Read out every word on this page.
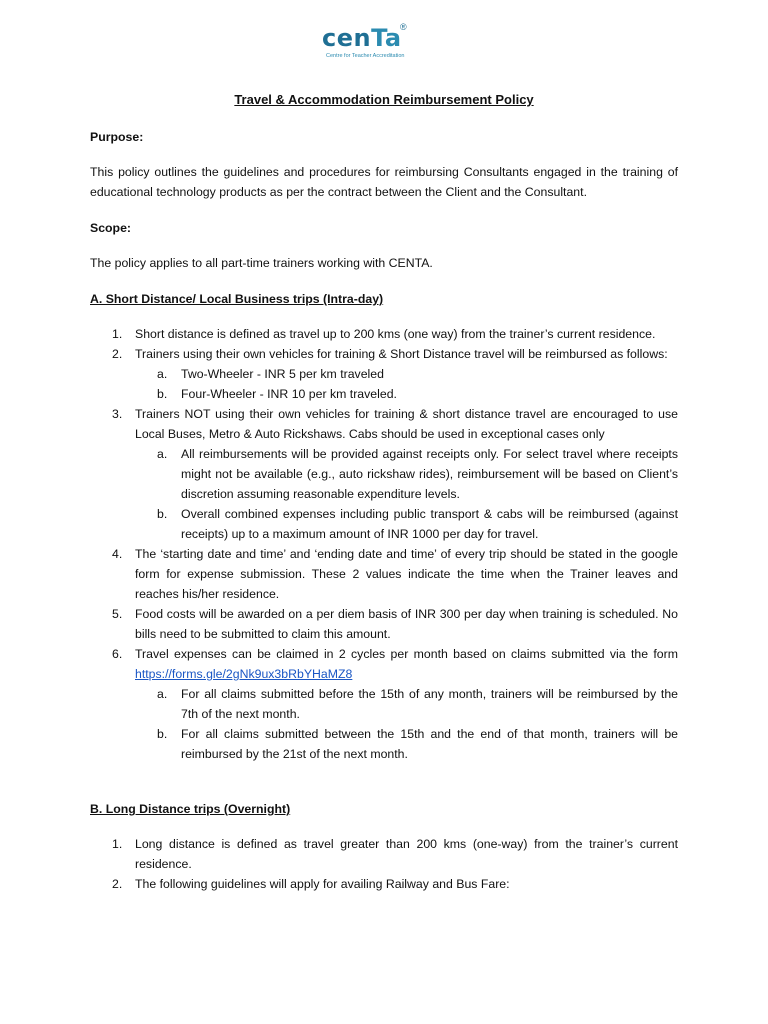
cenTa
®
Centre for Teacher Accreditation
Travel & Accommodation Reimbursement Policy

Purpose:

This policy outlines the guidelines and procedures for reimbursing Consultants engaged in the training of educational technology products as per the contract between the Client and the Consultant.

Scope:

The policy applies to all part-time trainers working with CENTA.

A. Short Distance/ Local Business trips (Intra-day)

1. Short distance is defined as travel up to 200 kms (one way) from the trainer’s current residence.
2. Trainers using their own vehicles for training & Short Distance travel will be reimbursed as follows:
a. Two-Wheeler - INR 5 per km traveled
b. Four-Wheeler - INR 10 per km traveled.
3. Trainers NOT using their own vehicles for training & short distance travel are encouraged to use Local Buses, Metro & Auto Rickshaws. Cabs should be used in exceptional cases only
a. All reimbursements will be provided against receipts only. For select travel where receipts might not be available (e.g., auto rickshaw rides), reimbursement will be based on Client’s discretion assuming reasonable expenditure levels.
b. Overall combined expenses including public transport & cabs will be reimbursed (against receipts) up to a maximum amount of INR 1000 per day for travel.
4. The ‘starting date and time’ and ‘ending date and time’ of every trip should be stated in the google form for expense submission. These 2 values indicate the time when the Trainer leaves and reaches his/her residence.
5. Food costs will be awarded on a per diem basis of INR 300 per day when training is scheduled. No bills need to be submitted to claim this amount.
6. Travel expenses can be claimed in 2 cycles per month based on claims submitted via the form https://forms.gle/2gNk9ux3bRbYHaMZ8
a. For all claims submitted before the 15th of any month, trainers will be reimbursed by the 7th of the next month.
b. For all claims submitted between the 15th and the end of that month, trainers will be reimbursed by the 21st of the next month.

B. Long Distance trips (Overnight)

1. Long distance is defined as travel greater than 200 kms (one-way) from the trainer’s current residence.
2. The following guidelines will apply for availing Railway and Bus Fare:
